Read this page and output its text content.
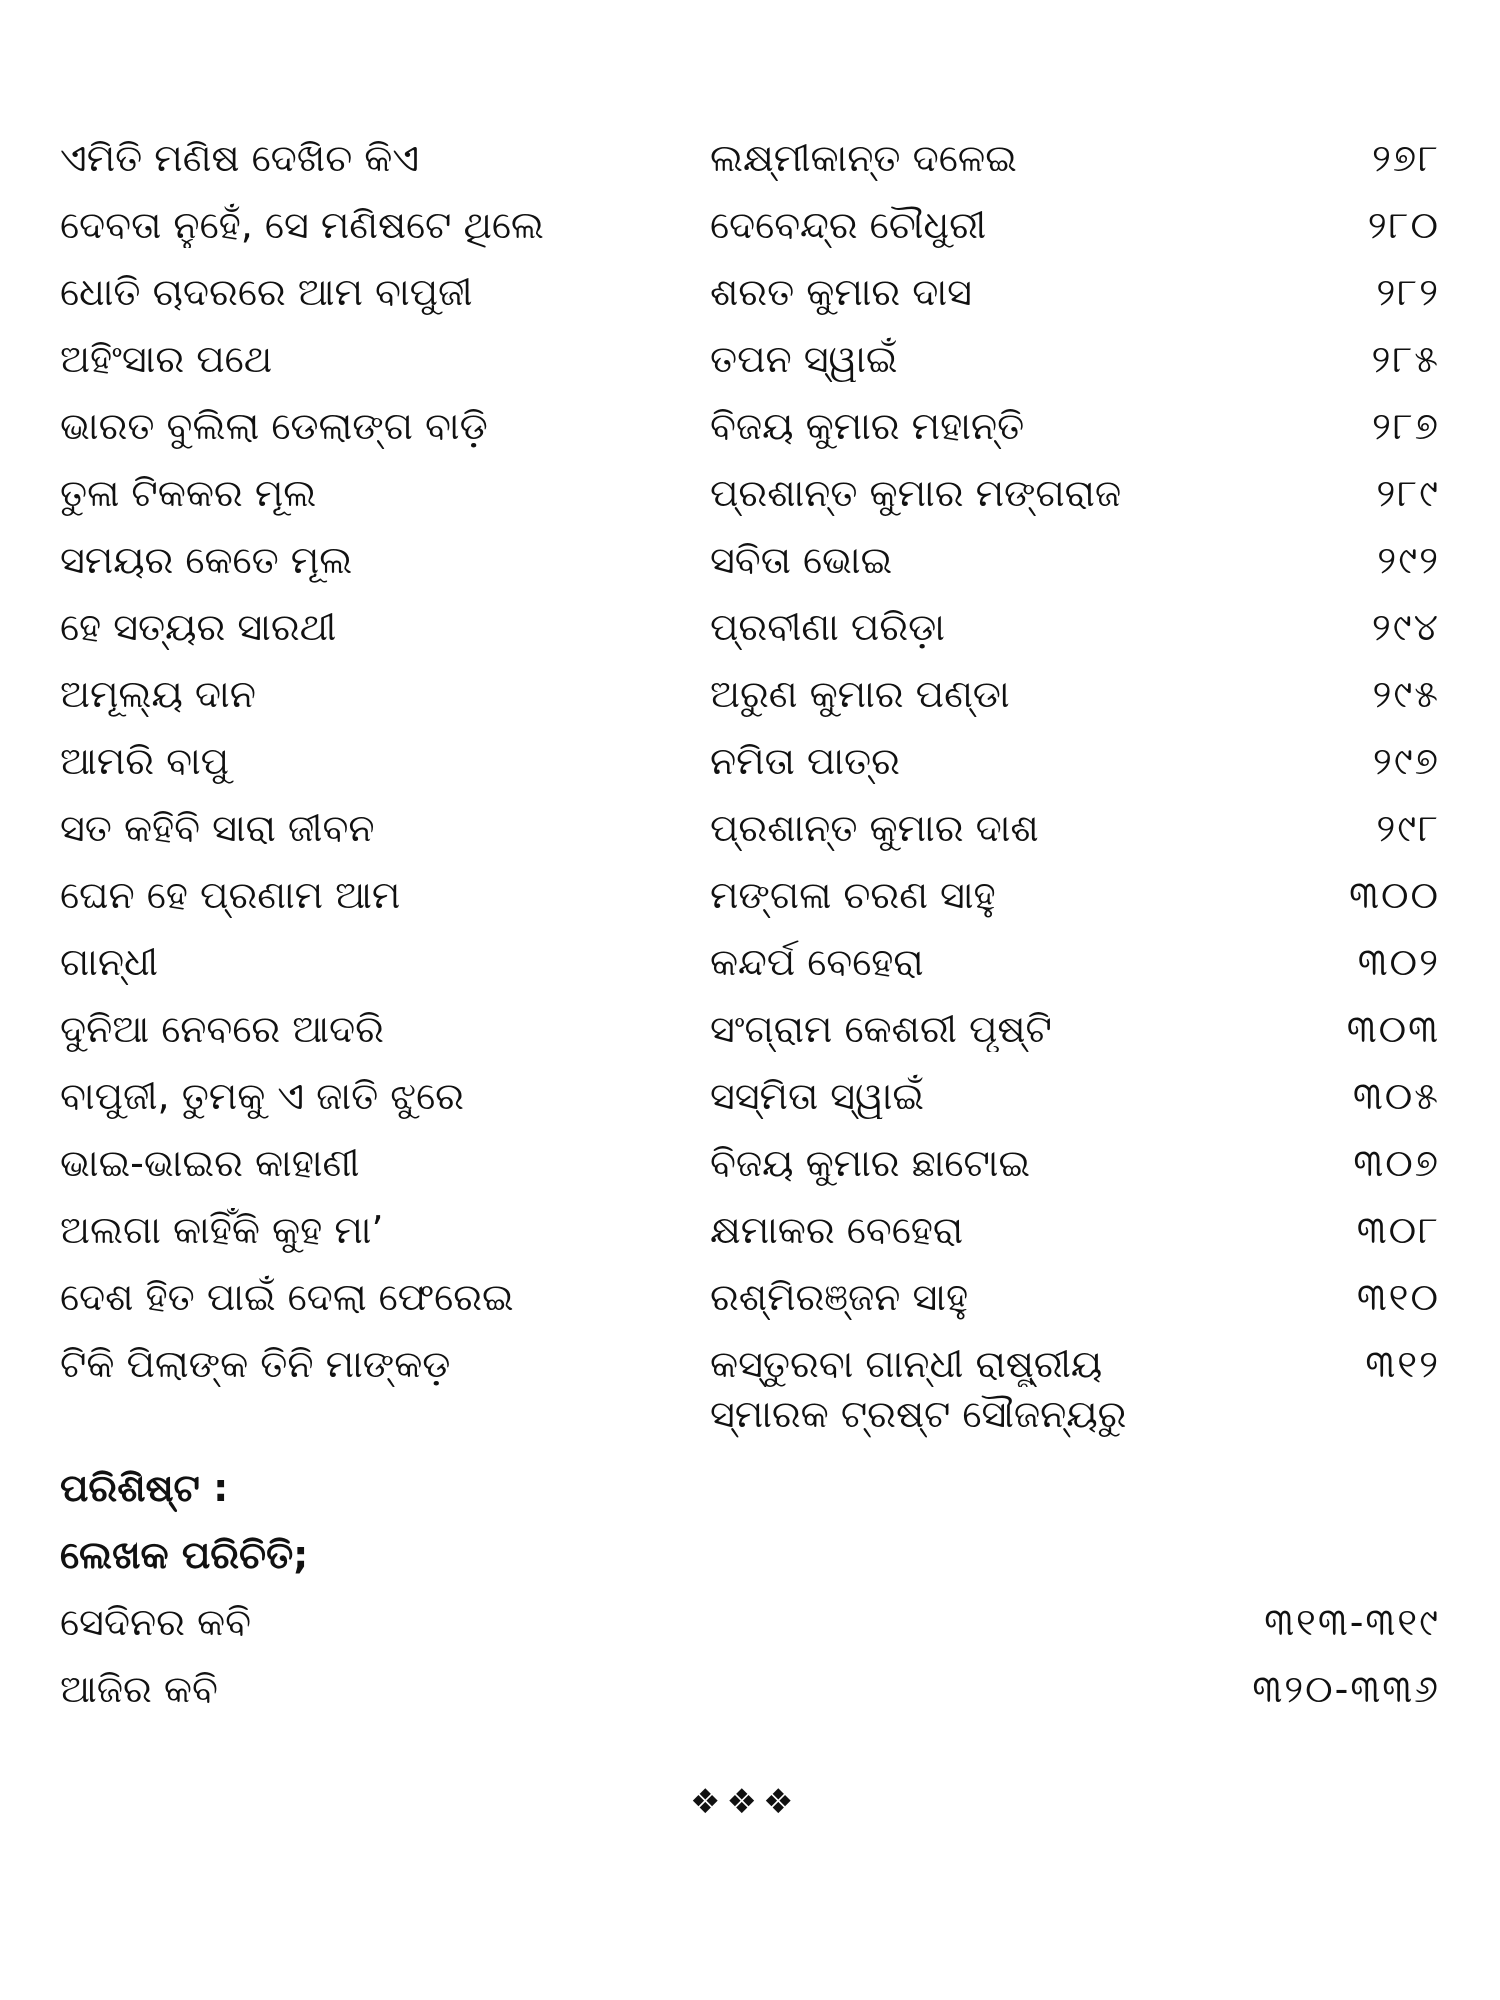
ଏମିତି ମଣିଷ ଦେଖିଚ କିଏ	ଲକ୍ଷ୍ମୀକାନ୍ତ ଦଳେଇ	୨୭୮
ଦେବତା ନୁହେଁ, ସେ ମଣିଷଟେ ଥିଲେ	ଦେବେନ୍ଦ୍ର ଚୌଧୁରୀ	୨୮୦
ଧୋତି ଚାଦରରେ ଆମ ବାପୁଜୀ	ଶରତ କୁମାର ଦାସ	୨୮୨
ଅହିଂସାର ପଥେ	ତପନ ସ୍ୱାଇଁ	୨୮୫
ଭାରତ ବୁଲିଲା ଡେଲାଙ୍ଗ ବାଡ଼ି	ବିଜୟ କୁମାର ମହାନ୍ତି	୨୮୭
ତୁଳା ଟିକକର ମୂଲ	ପ୍ରଶାନ୍ତ କୁମାର ମଙ୍ଗରାଜ	୨୮୯
ସମୟର କେତେ ମୂଲ	ସବିତା ଭୋଇ	୨୯୨
ହେ ସତ୍ୟର ସାରଥୀ	ପ୍ରବୀଣା ପରିଡ଼ା	୨୯୪
ଅମୂଲ୍ୟ ଦାନ	ଅରୁଣ କୁମାର ପଣ୍ଡା	୨୯୫
ଆମରି ବାପୁ	ନମିତା ପାତ୍ର	୨୯୭
ସତ କହିବି ସାରା ଜୀବନ	ପ୍ରଶାନ୍ତ କୁମାର ଦାଶ	୨୯୮
ଘେନ ହେ ପ୍ରଣାମ ଆମ	ମଙ୍ଗଳା ଚରଣ ସାହୁ	୩୦୦
ଗାନ୍ଧୀ	କନ୍ଦର୍ପ ବେହେରା	୩୦୨
ଦୁନିଆ ନେବରେ ଆଦରି	ସଂଗ୍ରାମ କେଶରୀ ପୃଷ୍ଟି	୩୦୩
ବାପୁଜୀ, ତୁମକୁ ଏ ଜାତି ଝୁରେ	ସସ୍ମିତା ସ୍ୱାଇଁ	୩୦୫
ଭାଇ-ଭାଇର କାହାଣୀ	ବିଜୟ କୁମାର ଛାଟୋଇ	୩୦୭
ଅଲଗା କାହିଁକି କୁହ ମା’	କ୍ଷମାକର ବେହେରା	୩୦୮
ଦେଶ ହିତ ପାଇଁ ଦେଲା ଫେରେଇ	ରଶ୍ମିରଞ୍ଜନ ସାହୁ	୩୧୦
ଟିକି ପିଲାଙ୍କ ତିନି ମାଙ୍କଡ଼	କସ୍ତୁରବା ଗାନ୍ଧୀ ରାଷ୍ଟ୍ରୀୟ	୩୧୨
ସ୍ମାରକ ଟ୍ରଷ୍ଟ ସୌଜନ୍ୟରୁ
ପରିଶିଷ୍ଟ :
ଲେଖକ ପରିଚିତି;
ସେଦିନର କବି	୩୧୩-୩୧୯
ଆଜିର କବି	୩୨୦-୩୩୬
❖❖❖
